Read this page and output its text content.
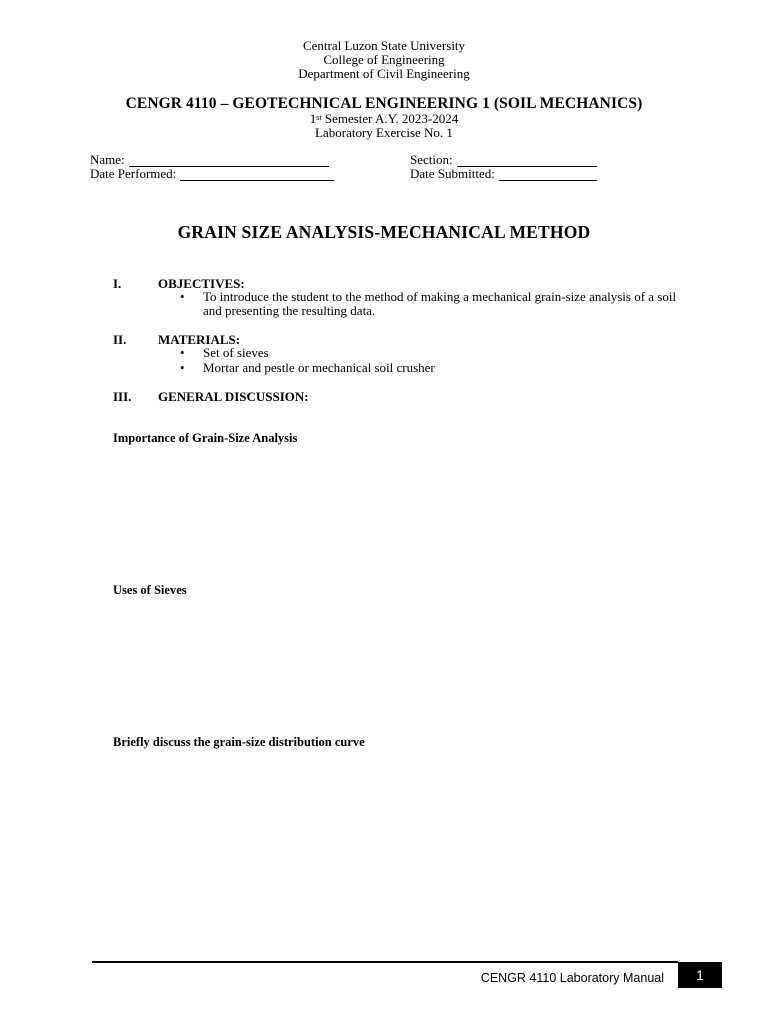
Central Luzon State University
College of Engineering
Department of Civil Engineering
CENGR 4110 – GEOTECHNICAL ENGINEERING 1 (SOIL MECHANICS)
1st Semester A.Y. 2023-2024
Laboratory Exercise No. 1
Name:	Section:
Date Performed:	Date Submitted:
GRAIN SIZE ANALYSIS-MECHANICAL METHOD
I.	OBJECTIVES:
• To introduce the student to the method of making a mechanical grain-size analysis of a soil and presenting the resulting data.
II. MATERIALS:
• Set of sieves
• Mortar and pestle or mechanical soil crusher
III. GENERAL DISCUSSION:
Importance of Grain-Size Analysis
Uses of Sieves
Briefly discuss the grain-size distribution curve
CENGR 4110 Laboratory Manual	1
